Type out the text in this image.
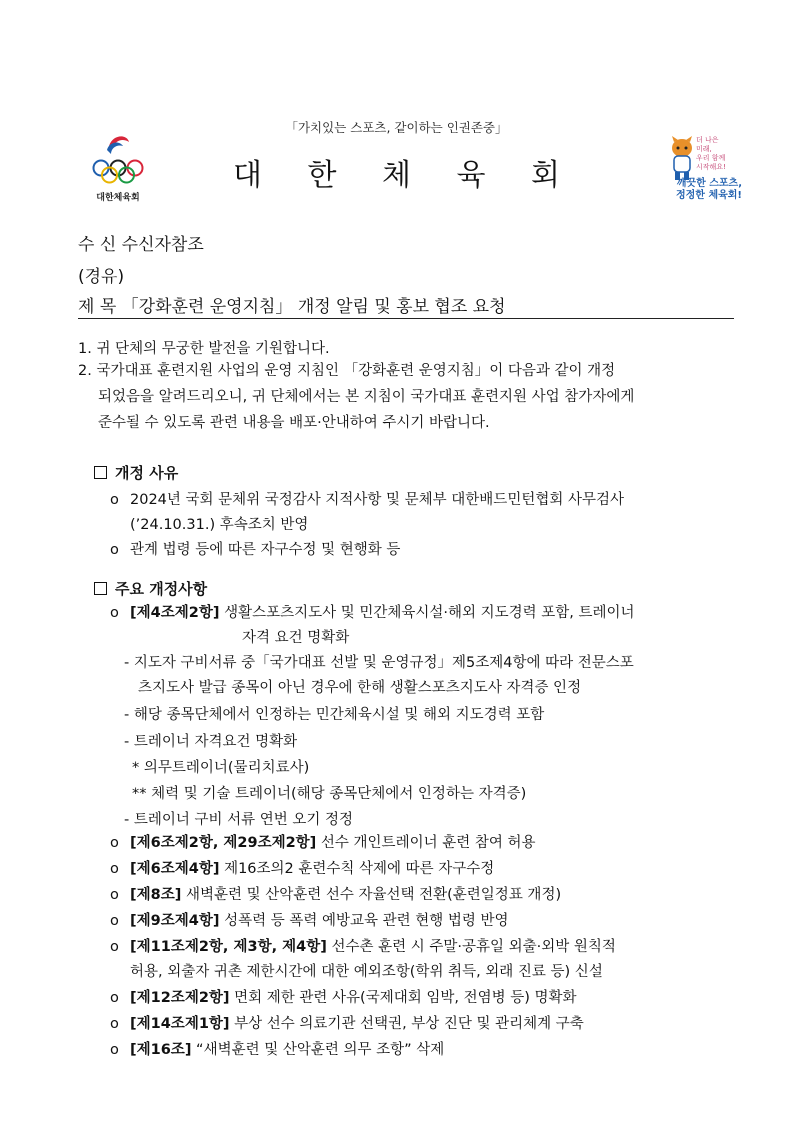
「가치있는 스포츠, 같이하는 인권존중」
대한체육회
대 한 체 육 회
더 나은
미래,
우리 함께
시작해요!
깨끗한 스포츠,
정정한 체육회!
수 신 수신자참조
(경유)
제 목 「강화훈련 운영지침」 개정 알림 및 홍보 협조 요청
1. 귀 단체의 무궁한 발전을 기원합니다.
2. 국가대표 훈련지원 사업의 운영 지침인 「강화훈련 운영지침」이 다음과 같이 개정
되었음을 알려드리오니, 귀 단체에서는 본 지침이 국가대표 훈련지원 사업 참가자에게
준수될 수 있도록 관련 내용을 배포·안내하여 주시기 바랍니다.
개정 사유
o 2024년 국회 문체위 국정감사 지적사항 및 문체부 대한배드민턴협회 사무검사
(’24.10.31.) 후속조치 반영
o 관계 법령 등에 따른 자구수정 및 현행화 등
주요 개정사항
o [제4조제2항] 생활스포츠지도사 및 민간체육시설·해외 지도경력 포함, 트레이너
자격 요건 명확화
- 지도자 구비서류 중「국가대표 선발 및 운영규정」제5조제4항에 따라 전문스포
츠지도사 발급 종목이 아닌 경우에 한해 생활스포츠지도사 자격증 인정
- 해당 종목단체에서 인정하는 민간체육시설 및 해외 지도경력 포함
- 트레이너 자격요건 명확화
* 의무트레이너(물리치료사)
** 체력 및 기술 트레이너(해당 종목단체에서 인정하는 자격증)
- 트레이너 구비 서류 연번 오기 정정
o [제6조제2항, 제29조제2항] 선수 개인트레이너 훈련 참여 허용
o [제6조제4항] 제16조의2 훈련수칙 삭제에 따른 자구수정
o [제8조] 새벽훈련 및 산악훈련 선수 자율선택 전환(훈련일정표 개정)
o [제9조제4항] 성폭력 등 폭력 예방교육 관련 현행 법령 반영
o [제11조제2항, 제3항, 제4항] 선수촌 훈련 시 주말·공휴일 외출·외박 원칙적
허용, 외출자 귀촌 제한시간에 대한 예외조항(학위 취득, 외래 진료 등) 신설
o [제12조제2항] 면회 제한 관련 사유(국제대회 임박, 전염병 등) 명확화
o [제14조제1항] 부상 선수 의료기관 선택권, 부상 진단 및 관리체계 구축
o [제16조] “새벽훈련 및 산악훈련 의무 조항” 삭제
